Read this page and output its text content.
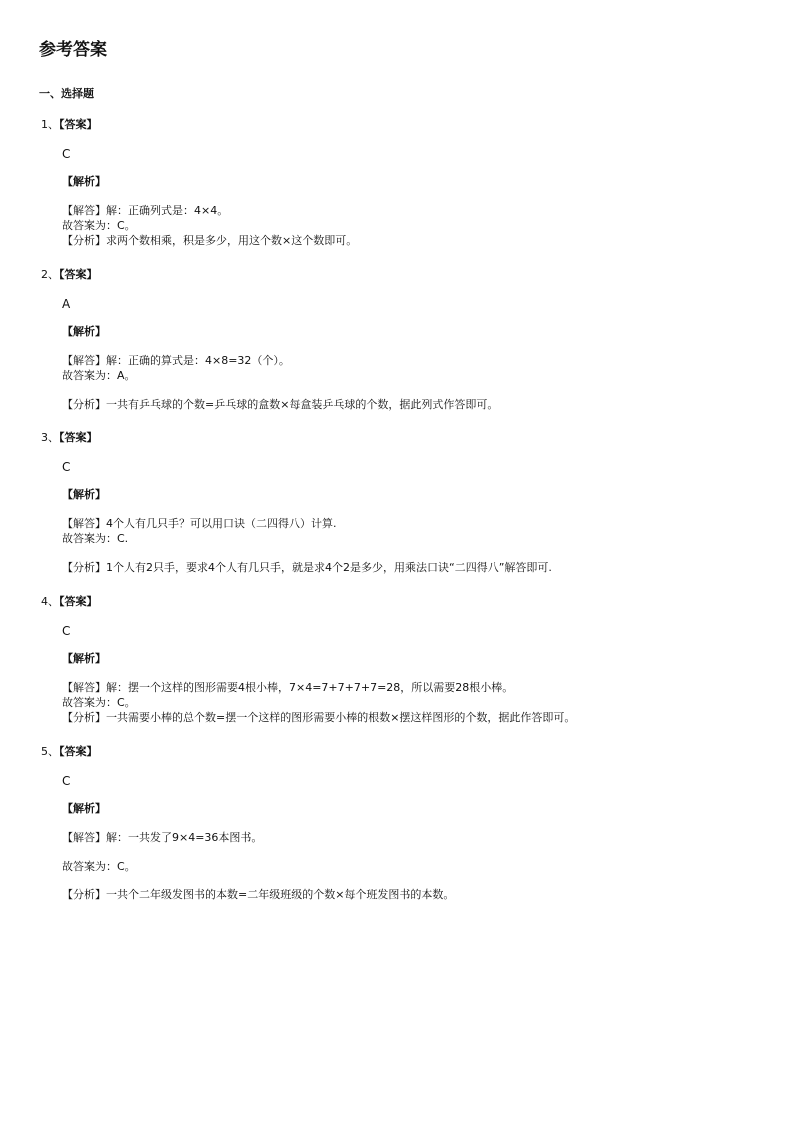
参考答案
一、选择题
1、【答案】
C
【解析】
【解答】解：正确列式是：4×4。
故答案为：C。
【分析】求两个数相乘，积是多少，用这个数×这个数即可。
2、【答案】
A
【解析】
【解答】解：正确的算式是：4×8=32（个）。
故答案为：A。
【分析】一共有乒乓球的个数=乒乓球的盒数×每盒装乒乓球的个数，据此列式作答即可。
3、【答案】
C
【解析】
【解答】4个人有几只手？可以用口诀（二四得八）计算.
故答案为：C.
【分析】1个人有2只手，要求4个人有几只手，就是求4个2是多少，用乘法口诀“二四得八”解答即可.
4、【答案】
C
【解析】
【解答】解：摆一个这样的图形需要4根小棒，7×4=7+7+7+7=28，所以需要28根小棒。
故答案为：C。
【分析】一共需要小棒的总个数=摆一个这样的图形需要小棒的根数×摆这样图形的个数，据此作答即可。
5、【答案】
C
【解析】
【解答】解：一共发了9×4=36本图书。
故答案为：C。
【分析】一共个二年级发图书的本数=二年级班级的个数×每个班发图书的本数。
